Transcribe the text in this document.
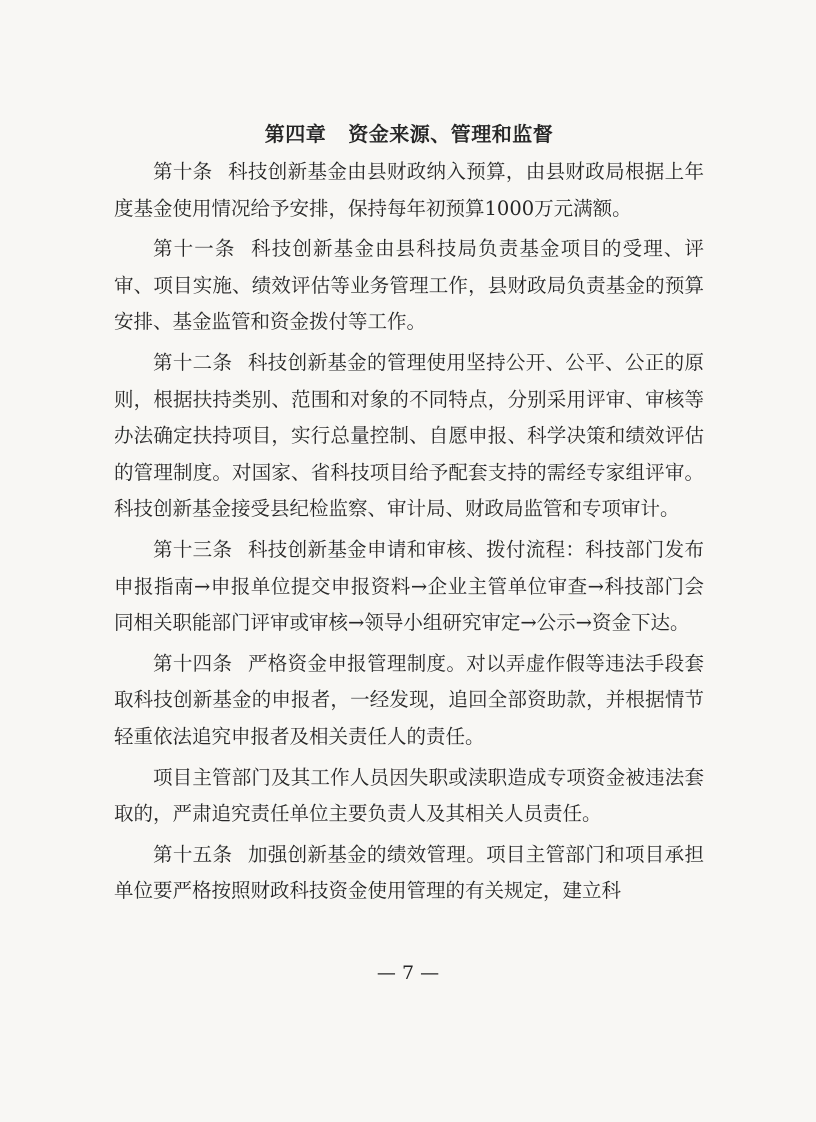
第四章 资金来源、管理和监督

第十条 科技创新基金由县财政纳入预算，由县财政局根据上年度基金使用情况给予安排，保持每年初预算1000万元满额。

第十一条 科技创新基金由县科技局负责基金项目的受理、评审、项目实施、绩效评估等业务管理工作，县财政局负责基金的预算安排、基金监管和资金拨付等工作。

第十二条 科技创新基金的管理使用坚持公开、公平、公正的原则，根据扶持类别、范围和对象的不同特点，分别采用评审、审核等办法确定扶持项目，实行总量控制、自愿申报、科学决策和绩效评估的管理制度。对国家、省科技项目给予配套支持的需经专家组评审。科技创新基金接受县纪检监察、审计局、财政局监管和专项审计。

第十三条 科技创新基金申请和审核、拨付流程：科技部门发布申报指南→申报单位提交申报资料→企业主管单位审查→科技部门会同相关职能部门评审或审核→领导小组研究审定→公示→资金下达。

第十四条 严格资金申报管理制度。对以弄虚作假等违法手段套取科技创新基金的申报者，一经发现，追回全部资助款，并根据情节轻重依法追究申报者及相关责任人的责任。

项目主管部门及其工作人员因失职或渎职造成专项资金被违法套取的，严肃追究责任单位主要负责人及其相关人员责任。

第十五条 加强创新基金的绩效管理。项目主管部门和项目承担单位要严格按照财政科技资金使用管理的有关规定，建立科

— 7 —
